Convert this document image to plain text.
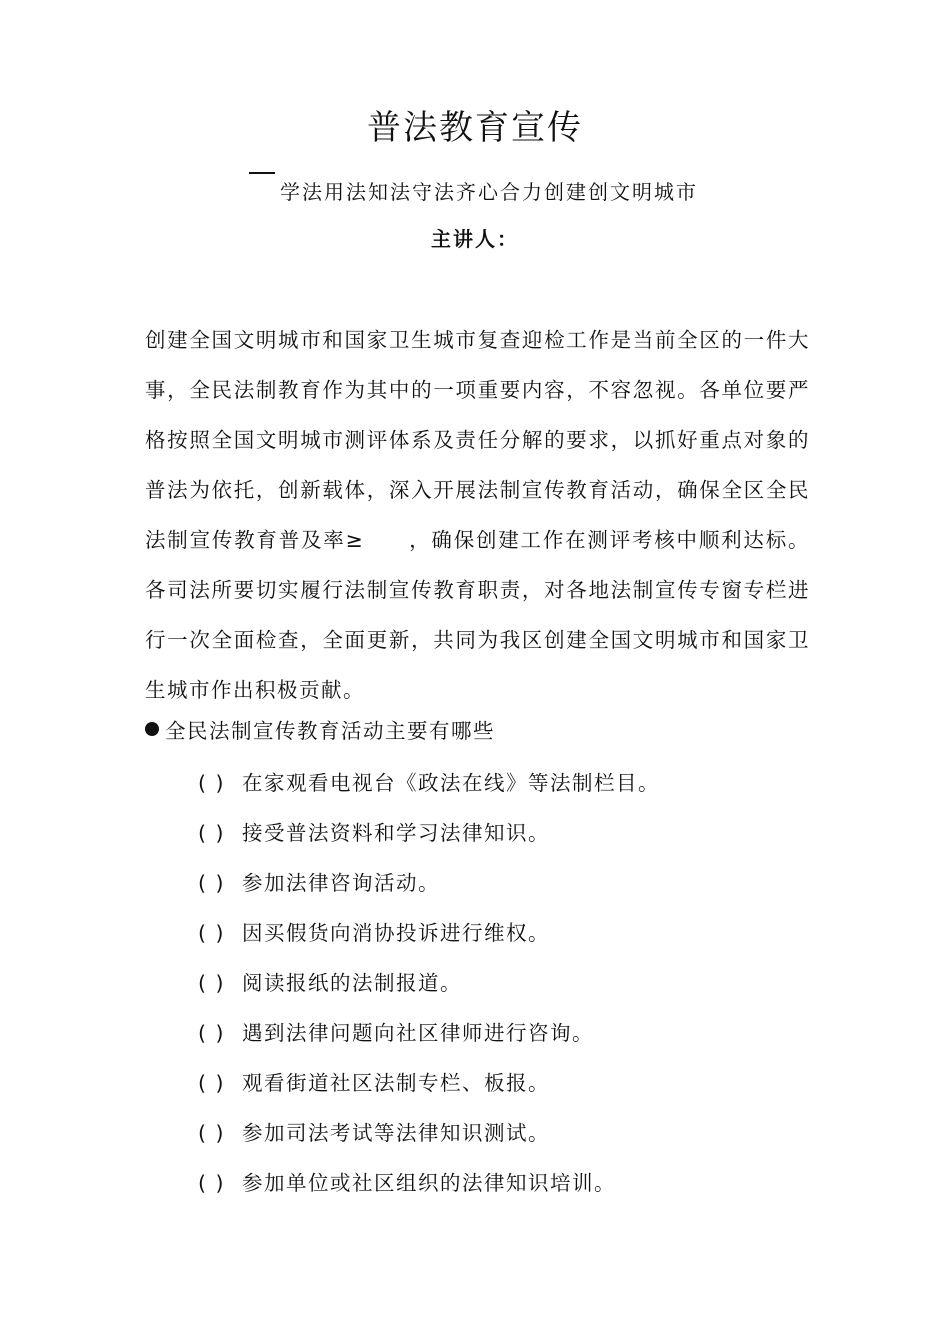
普法教育宣传
学法用法知法守法齐心合力创建创文明城市
主讲人：
创建全国文明城市和国家卫生城市复查迎检工作是当前全区的一件大事，全民法制教育作为其中的一项重要内容，不容忽视。各单位要严格按照全国文明城市测评体系及责任分解的要求，以抓好重点对象的普法为依托，创新载体，深入开展法制宣传教育活动，确保全区全民法制宣传教育普及率≥　　，确保创建工作在测评考核中顺利达标。各司法所要切实履行法制宣传教育职责，对各地法制宣传专窗专栏进行一次全面检查，全面更新，共同为我区创建全国文明城市和国家卫生城市作出积极贡献。
全民法制宣传教育活动主要有哪些
( ) 在家观看电视台《政法在线》等法制栏目。
( ) 接受普法资料和学习法律知识。
( ) 参加法律咨询活动。
( ) 因买假货向消协投诉进行维权。
( ) 阅读报纸的法制报道。
( ) 遇到法律问题向社区律师进行咨询。
( ) 观看街道社区法制专栏、板报。
( ) 参加司法考试等法律知识测试。
( ) 参加单位或社区组织的法律知识培训。
